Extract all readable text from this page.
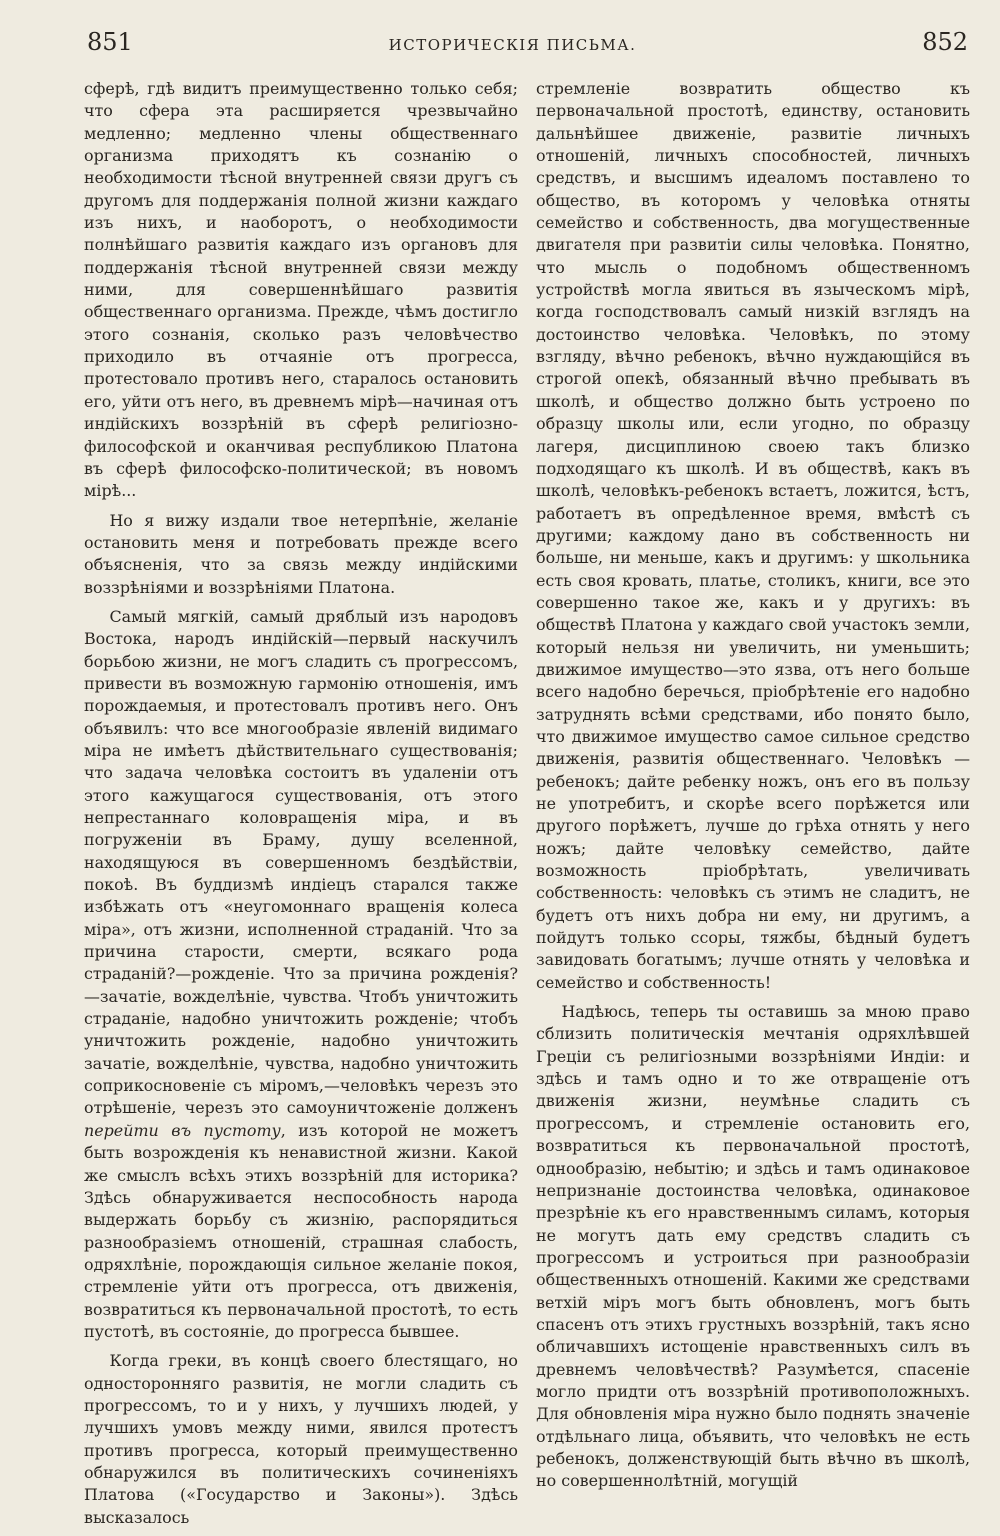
851	ИСТОРИЧЕСКІЯ ПИСЬМА.	852

сферѣ, гдѣ видитъ преимущественно только себя; что сфера эта расширяется чрезвычайно медленно; медленно члены общественнаго организма приходятъ къ сознанію о необходимости тѣсной внутренней связи другъ съ другомъ для поддержанія полной жизни каждаго изъ нихъ, и наоборотъ, о необходимости полнѣйшаго развитія каждаго изъ органовъ для поддержанія тѣсной внутренней связи между ними, для совершеннѣйшаго развитія общественнаго организма. Прежде, чѣмъ достигло этого сознанія, сколько разъ человѣчество приходило въ отчаяніе отъ прогресса, протестовало противъ него, старалось остановить его, уйти отъ него, въ древнемъ мірѣ—начиная отъ индійскихъ воззрѣній въ сферѣ религіозно-философской и оканчивая республикою Платона въ сферѣ философско-политической; въ новомъ мірѣ...

Но я вижу издали твое нетерпѣніе, желаніе остановить меня и потребовать прежде всего объясненія, что за связь между индійскими воззрѣніями и воззрѣніями Платона.

Самый мягкій, самый дряблый изъ народовъ Востока, народъ индійскій—первый наскучилъ борьбою жизни, не могъ сладить съ прогрессомъ, привести въ возможную гармонію отношенія, имъ порождаемыя, и протестовалъ противъ него. Онъ объявилъ: что все многообразіе явленій видимаго міра не имѣетъ дѣйствительнаго существованія; что задача человѣка состоитъ въ удаленіи отъ этого кажущагося существованія, отъ этого непрестаннаго коловращенія міра, и въ погруженіи въ Браму, душу вселенной, находящуюся въ совершенномъ бездѣйствіи, покоѣ. Въ буддизмѣ индіецъ старался также избѣжать отъ «неугомоннаго вращенія колеса міра», отъ жизни, исполненной страданій. Что за причина старости, смерти, всякаго рода страданій?—рожденіе. Что за причина рожденія?—зачатіе, вожделѣніе, чувства. Чтобъ уничтожить страданіе, надобно уничтожить рожденіе; чтобъ уничтожить рожденіе, надобно уничтожить зачатіе, вожделѣніе, чувства, надобно уничтожить соприкосновеніе съ міромъ,—человѣкъ черезъ это отрѣшеніе, черезъ это самоуничтоженіе долженъ перейти въ пустоту, изъ которой не можетъ быть возрожденія къ ненавистной жизни. Какой же смыслъ всѣхъ этихъ воззрѣній для историка? Здѣсь обнаруживается неспособность народа выдержать борьбу съ жизнію, распорядиться разнообразіемъ отношеній, страшная слабость, одряхлѣніе, порождающія сильное желаніе покоя, стремленіе уйти отъ прогресса, отъ движенія, возвратиться къ первоначальной простотѣ, то есть пустотѣ, въ состояніе, до прогресса бывшее.

Когда греки, въ концѣ своего блестящаго, но односторонняго развитія, не могли сладить съ прогрессомъ, то и у нихъ, у лучшихъ людей, у лучшихъ умовъ между ними, явился протестъ противъ прогресса, который преимущественно обнаружился въ политическихъ сочиненіяхъ Платова («Государство и Законы»). Здѣсь высказалось

стремленіе возвратить общество къ первоначальной простотѣ, единству, остановить дальнѣйшее движеніе, развитіе личныхъ отношеній, личныхъ способностей, личныхъ средствъ, и высшимъ идеаломъ поставлено то общество, въ которомъ у человѣка отняты семейство и собственность, два могущественные двигателя при развитіи силы человѣка. Понятно, что мысль о подобномъ общественномъ устройствѣ могла явиться въ языческомъ мірѣ, когда господствовалъ самый низкій взглядъ на достоинство человѣка. Человѣкъ, по этому взгляду, вѣчно ребенокъ, вѣчно нуждающійся въ строгой опекѣ, обязанный вѣчно пребывать въ школѣ, и общество должно быть устроено по образцу школы или, если угодно, по образцу лагеря, дисциплиною своею такъ близко подходящаго къ школѣ. И въ обществѣ, какъ въ школѣ, человѣкъ-ребенокъ встаетъ, ложится, ѣстъ, работаетъ въ опредѣленное время, вмѣстѣ съ другими; каждому дано въ собственность ни больше, ни меньше, какъ и другимъ: у школьника есть своя кровать, платье, столикъ, книги, все это совершенно такое же, какъ и у другихъ: въ обществѣ Платона у каждаго свой участокъ земли, который нельзя ни увеличить, ни уменьшить; движимое имущество—это язва, отъ него больше всего надобно беречься, пріобрѣтеніе его надобно затруднять всѣми средствами, ибо понято было, что движимое имущество самое сильное средство движенія, развитія общественнаго. Человѣкъ — ребенокъ; дайте ребенку ножъ, онъ его въ пользу не употребитъ, и скорѣе всего порѣжется или другого порѣжетъ, лучше до грѣха отнять у него ножъ; дайте человѣку семейство, дайте возможность пріобрѣтать, увеличивать собственность: человѣкъ съ этимъ не сладитъ, не будетъ отъ нихъ добра ни ему, ни другимъ, а пойдутъ только ссоры, тяжбы, бѣдный будетъ завидовать богатымъ; лучше отнять у человѣка и семейство и собственность!

Надѣюсь, теперь ты оставишь за мною право сблизить политическія мечтанія одряхлѣвшей Греціи съ религіозными воззрѣніями Индіи: и здѣсь и тамъ одно и то же отвращеніе отъ движенія жизни, неумѣнье сладить съ прогрессомъ, и стремленіе остановить его, возвратиться къ первоначальной простотѣ, однообразію, небытію; и здѣсь и тамъ одинаковое непризнаніе достоинства человѣка, одинаковое презрѣніе къ его нравственнымъ силамъ, которыя не могутъ дать ему средствъ сладить съ прогрессомъ и устроиться при разнообразіи общественныхъ отношеній. Какими же средствами ветхій міръ могъ быть обновленъ, могъ быть спасенъ отъ этихъ грустныхъ воззрѣній, такъ ясно обличавшихъ истощеніе нравственныхъ силъ въ древнемъ человѣчествѣ? Разумѣется, спасеніе могло придти отъ воззрѣній противоположныхъ. Для обновленія міра нужно было поднять значеніе отдѣльнаго лица, объявить, что человѣкъ не есть ребенокъ, долженствующій быть вѣчно въ школѣ, но совершеннолѣтній, могущій
